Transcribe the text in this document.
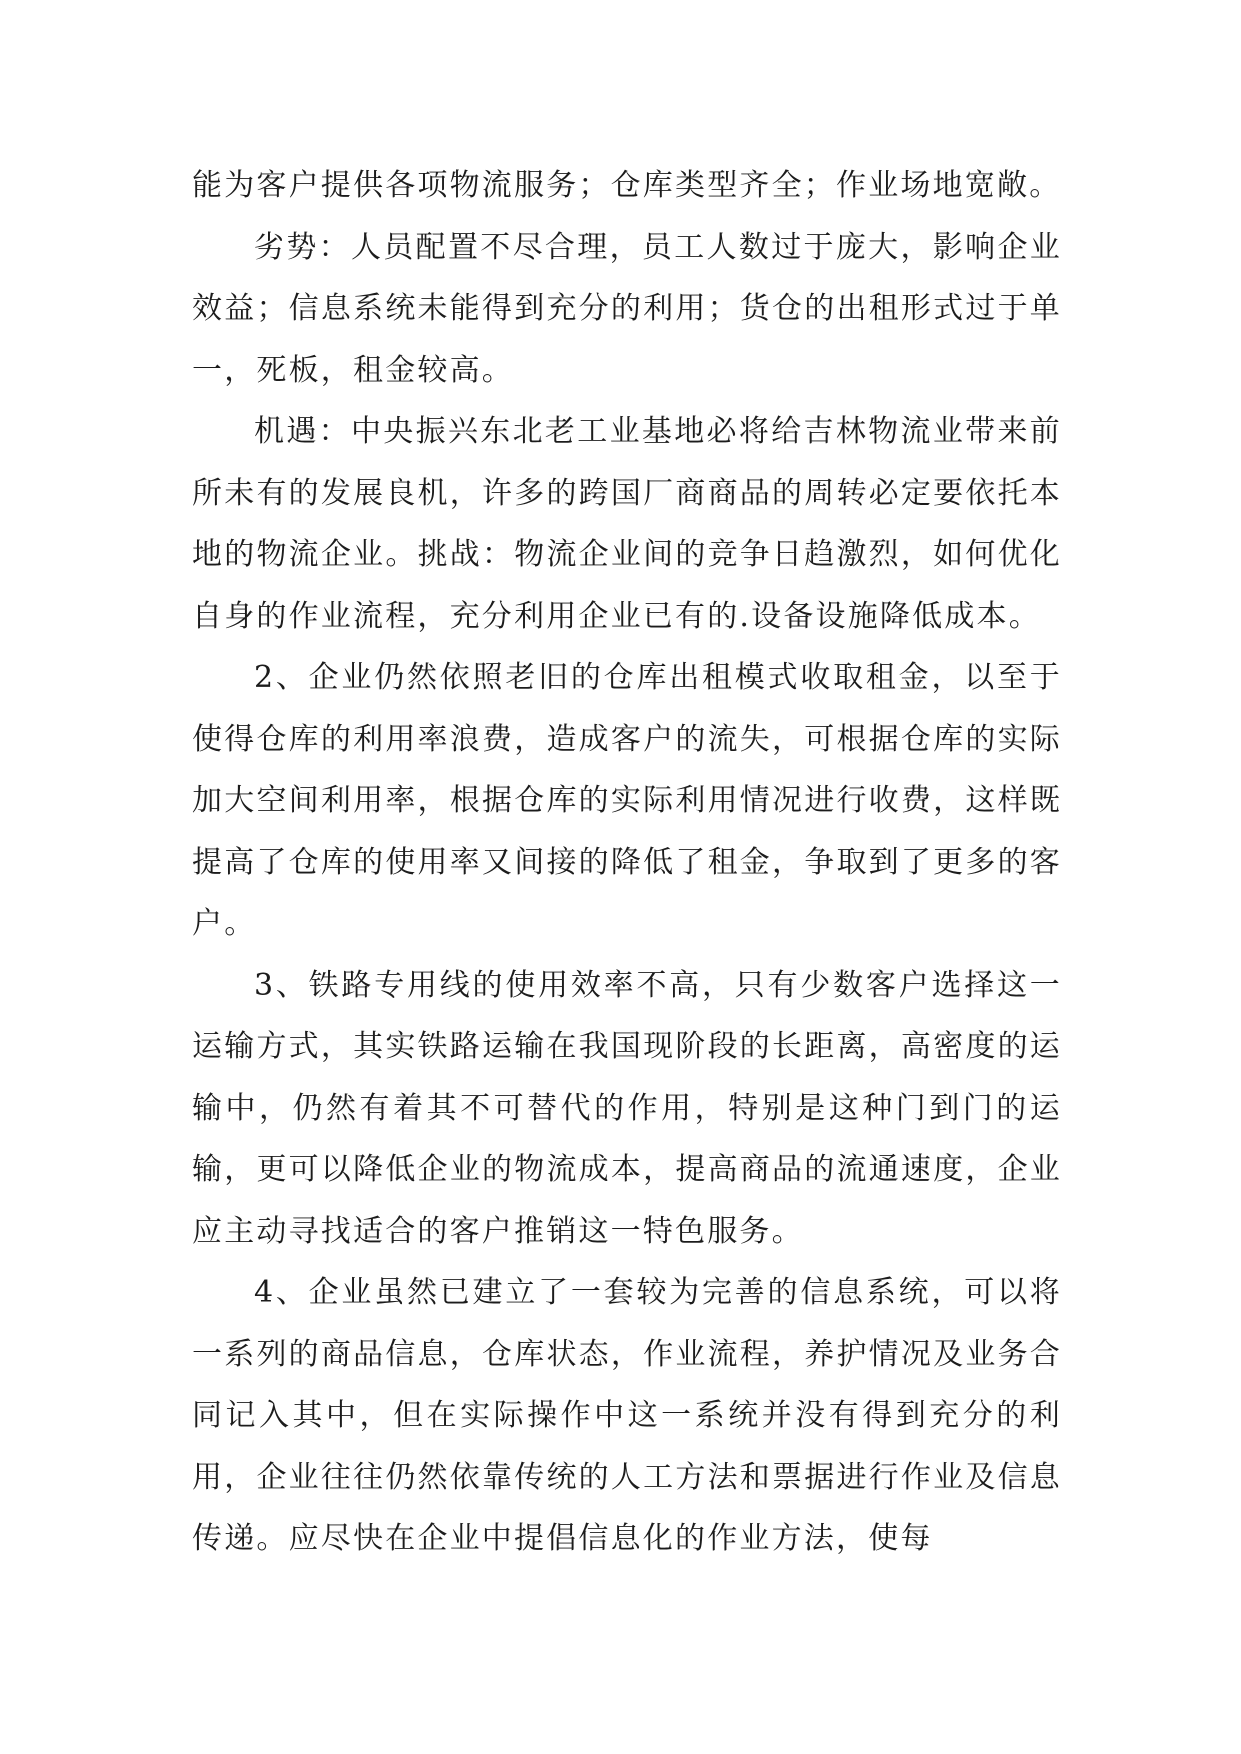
能为客户提供各项物流服务；仓库类型齐全；作业场地宽敞。

劣势：人员配置不尽合理，员工人数过于庞大，影响企业效益；信息系统未能得到充分的利用；货仓的出租形式过于单一，死板，租金较高。

机遇：中央振兴东北老工业基地必将给吉林物流业带来前所未有的发展良机，许多的跨国厂商商品的周转必定要依托本地的物流企业。挑战：物流企业间的竞争日趋激烈，如何优化自身的作业流程，充分利用企业已有的.设备设施降低成本。

2、企业仍然依照老旧的仓库出租模式收取租金，以至于使得仓库的利用率浪费，造成客户的流失，可根据仓库的实际加大空间利用率，根据仓库的实际利用情况进行收费，这样既提高了仓库的使用率又间接的降低了租金，争取到了更多的客户。

3、铁路专用线的使用效率不高，只有少数客户选择这一运输方式，其实铁路运输在我国现阶段的长距离，高密度的运输中，仍然有着其不可替代的作用，特别是这种门到门的运输，更可以降低企业的物流成本，提高商品的流通速度，企业应主动寻找适合的客户推销这一特色服务。

4、企业虽然已建立了一套较为完善的信息系统，可以将一系列的商品信息，仓库状态，作业流程，养护情况及业务合同记入其中，但在实际操作中这一系统并没有得到充分的利用，企业往往仍然依靠传统的人工方法和票据进行作业及信息传递。应尽快在企业中提倡信息化的作业方法，使每
